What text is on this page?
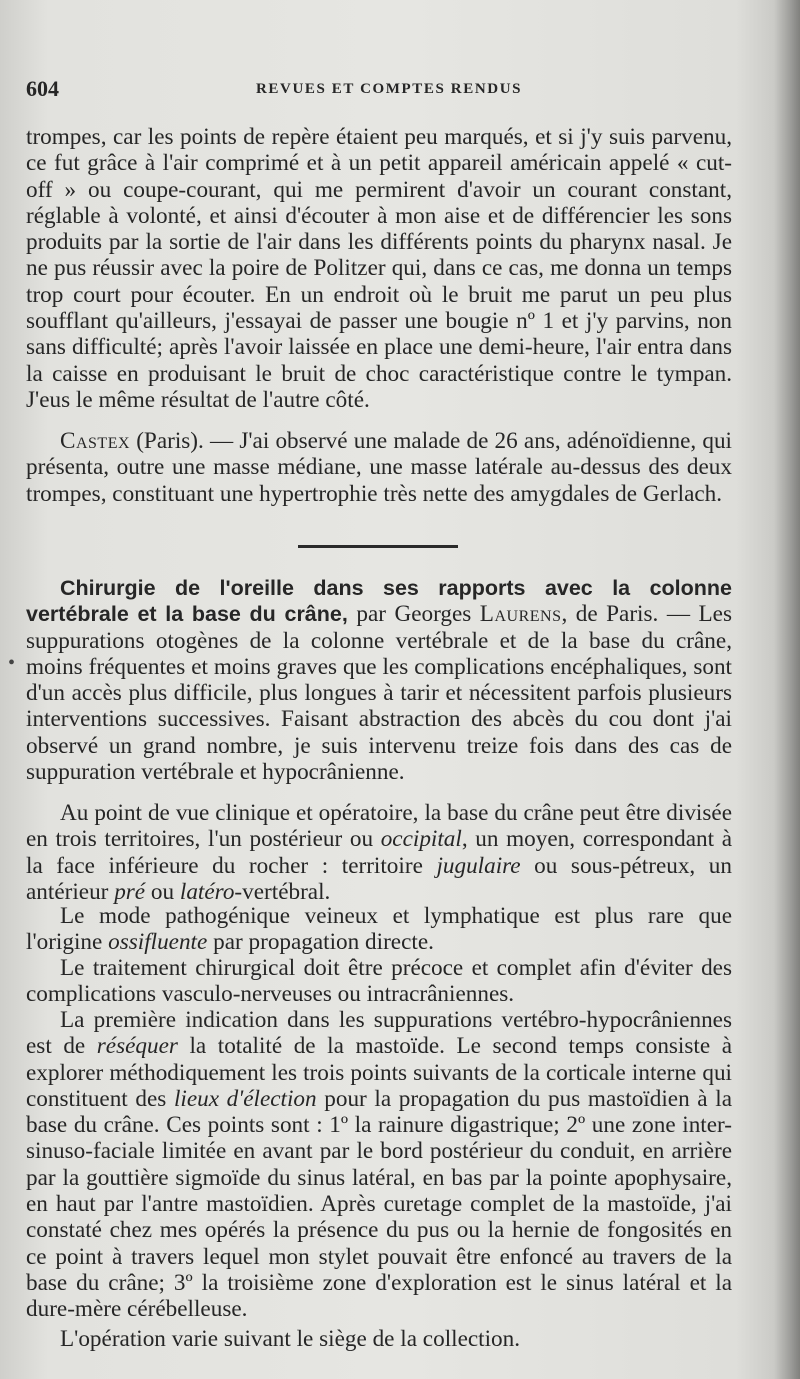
604	REVUES ET COMPTES RENDUS

trompes, car les points de repère étaient peu marqués, et si j'y suis parvenu, ce fut grâce à l'air comprimé et à un petit appareil américain appelé « cut-off » ou coupe-courant, qui me permirent d'avoir un courant constant, réglable à volonté, et ainsi d'écouter à mon aise et de différencier les sons produits par la sortie de l'air dans les différents points du pharynx nasal. Je ne pus réussir avec la poire de Politzer qui, dans ce cas, me donna un temps trop court pour écouter. En un endroit où le bruit me parut un peu plus soufflant qu'ailleurs, j'essayai de passer une bougie nº 1 et j'y parvins, non sans difficulté; après l'avoir laissée en place une demi-heure, l'air entra dans la caisse en produisant le bruit de choc caractéristique contre le tympan. J'eus le même résultat de l'autre côté.

Castex (Paris). — J'ai observé une malade de 26 ans, adénoïdienne, qui présenta, outre une masse médiane, une masse latérale au-dessus des deux trompes, constituant une hypertrophie très nette des amygdales de Gerlach.

Chirurgie de l'oreille dans ses rapports avec la colonne vertébrale et la base du crâne, par Georges Laurens, de Paris. — Les suppurations otogènes de la colonne vertébrale et de la base du crâne, moins fréquentes et moins graves que les complications encéphaliques, sont d'un accès plus difficile, plus longues à tarir et nécessitent parfois plusieurs interventions successives. Faisant abstraction des abcès du cou dont j'ai observé un grand nombre, je suis intervenu treize fois dans des cas de suppuration vertébrale et hypocrânienne.

Au point de vue clinique et opératoire, la base du crâne peut être divisée en trois territoires, l'un postérieur ou occipital, un moyen, correspondant à la face inférieure du rocher : territoire jugulaire ou sous-pétreux, un antérieur pré ou latéro-vertébral.

Le mode pathogénique veineux et lymphatique est plus rare que l'origine ossifluente par propagation directe.

Le traitement chirurgical doit être précoce et complet afin d'éviter des complications vasculo-nerveuses ou intracrâniennes.

La première indication dans les suppurations vertébro-hypocrâniennes est de réséquer la totalité de la mastoïde. Le second temps consiste à explorer méthodiquement les trois points suivants de la corticale interne qui constituent des lieux d'élection pour la propagation du pus mastoïdien à la base du crâne. Ces points sont : 1º la rainure digastrique; 2º une zone inter-sinuso-faciale limitée en avant par le bord postérieur du conduit, en arrière par la gouttière sigmoïde du sinus latéral, en bas par la pointe apophysaire, en haut par l'antre mastoïdien. Après curetage complet de la mastoïde, j'ai constaté chez mes opérés la présence du pus ou la hernie de fongosités en ce point à travers lequel mon stylet pouvait être enfoncé au travers de la base du crâne; 3º la troisième zone d'exploration est le sinus latéral et la dure-mère cérébelleuse.

L'opération varie suivant le siège de la collection.

•
